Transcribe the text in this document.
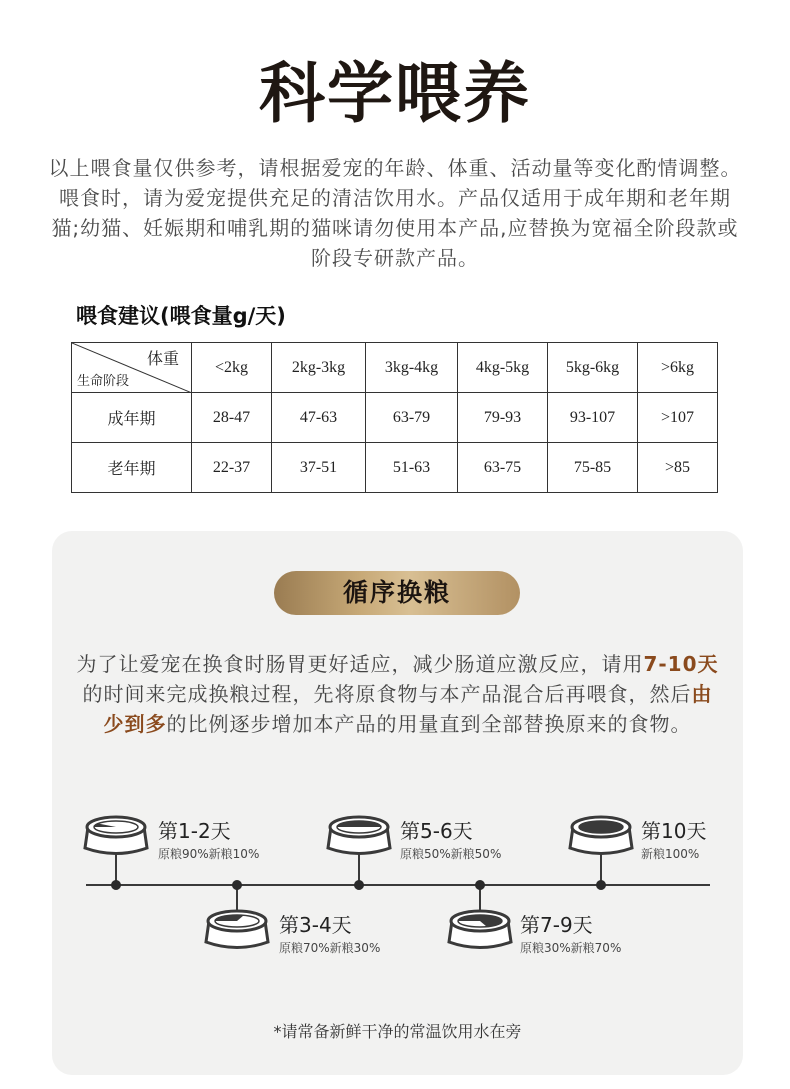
科学喂养
以上喂食量仅供参考，请根据爱宠的年龄、体重、活动量等变化酌情调整。喂食时，请为爱宠提供充足的清洁饮用水。产品仅适用于成年期和老年期猫;幼猫、妊娠期和哺乳期的猫咪请勿使用本产品,应替换为宽福全阶段款或阶段专研款产品。
喂食建议(喂食量g/天)
体重
生命阶段	<2kg	2kg-3kg	3kg-4kg	4kg-5kg	5kg-6kg	>6kg
成年期	28-47	47-63	63-79	79-93	93-107	>107
老年期	22-37	37-51	51-63	63-75	75-85	>85
循序换粮
为了让爱宠在换食时肠胃更好适应，减少肠道应激反应，请用7-10天的时间来完成换粮过程，先将原食物与本产品混合后再喂食，然后由少到多的比例逐步增加本产品的用量直到全部替换原来的食物。
第1-2天
原粮90%新粮10%
第3-4天
原粮70%新粮30%
第5-6天
原粮50%新粮50%
第7-9天
原粮30%新粮70%
第10天
新粮100%
*请常备新鲜干净的常温饮用水在旁
